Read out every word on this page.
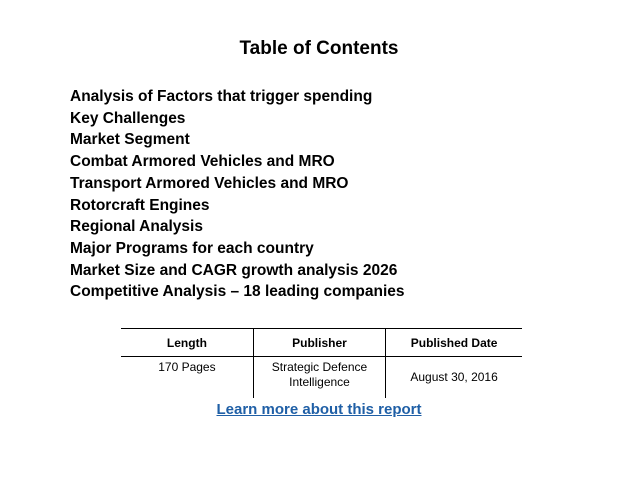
Table of Contents
Analysis of Factors that trigger spending
Key Challenges
Market Segment
Combat Armored Vehicles and MRO
Transport Armored Vehicles and MRO
Rotorcraft Engines
Regional Analysis
Major Programs for each country
Market Size and CAGR growth analysis 2026
Competitive Analysis – 18 leading companies
Length	Publisher	Published Date
170 Pages	Strategic Defence Intelligence	August 30, 2016
Learn more about this report
